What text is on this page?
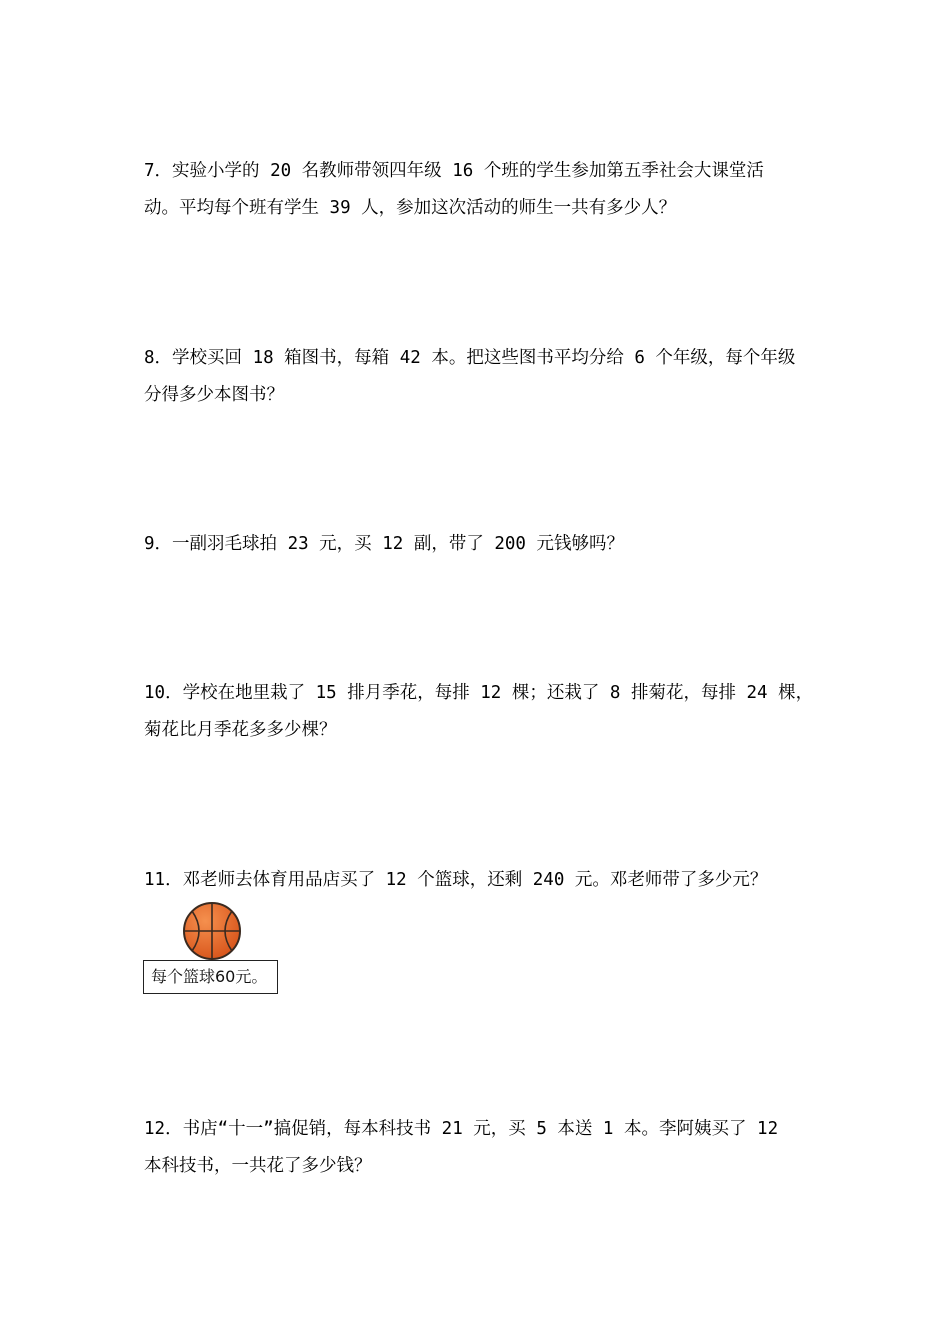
7．实验小学的 20 名教师带领四年级 16 个班的学生参加第五季社会大课堂活
动。平均每个班有学生 39 人，参加这次活动的师生一共有多少人？
8．学校买回 18 箱图书，每箱 42 本。把这些图书平均分给 6 个年级，每个年级
分得多少本图书？
9．一副羽毛球拍 23 元，买 12 副，带了 200 元钱够吗？
10．学校在地里栽了 15 排月季花，每排 12 棵；还栽了 8 排菊花，每排 24 棵，
菊花比月季花多多少棵？
11．邓老师去体育用品店买了 12 个篮球，还剩 240 元。邓老师带了多少元？
每个篮球60元。
12．书店“十一”搞促销，每本科技书 21 元，买 5 本送 1 本。李阿姨买了 12
本科技书，一共花了多少钱？
